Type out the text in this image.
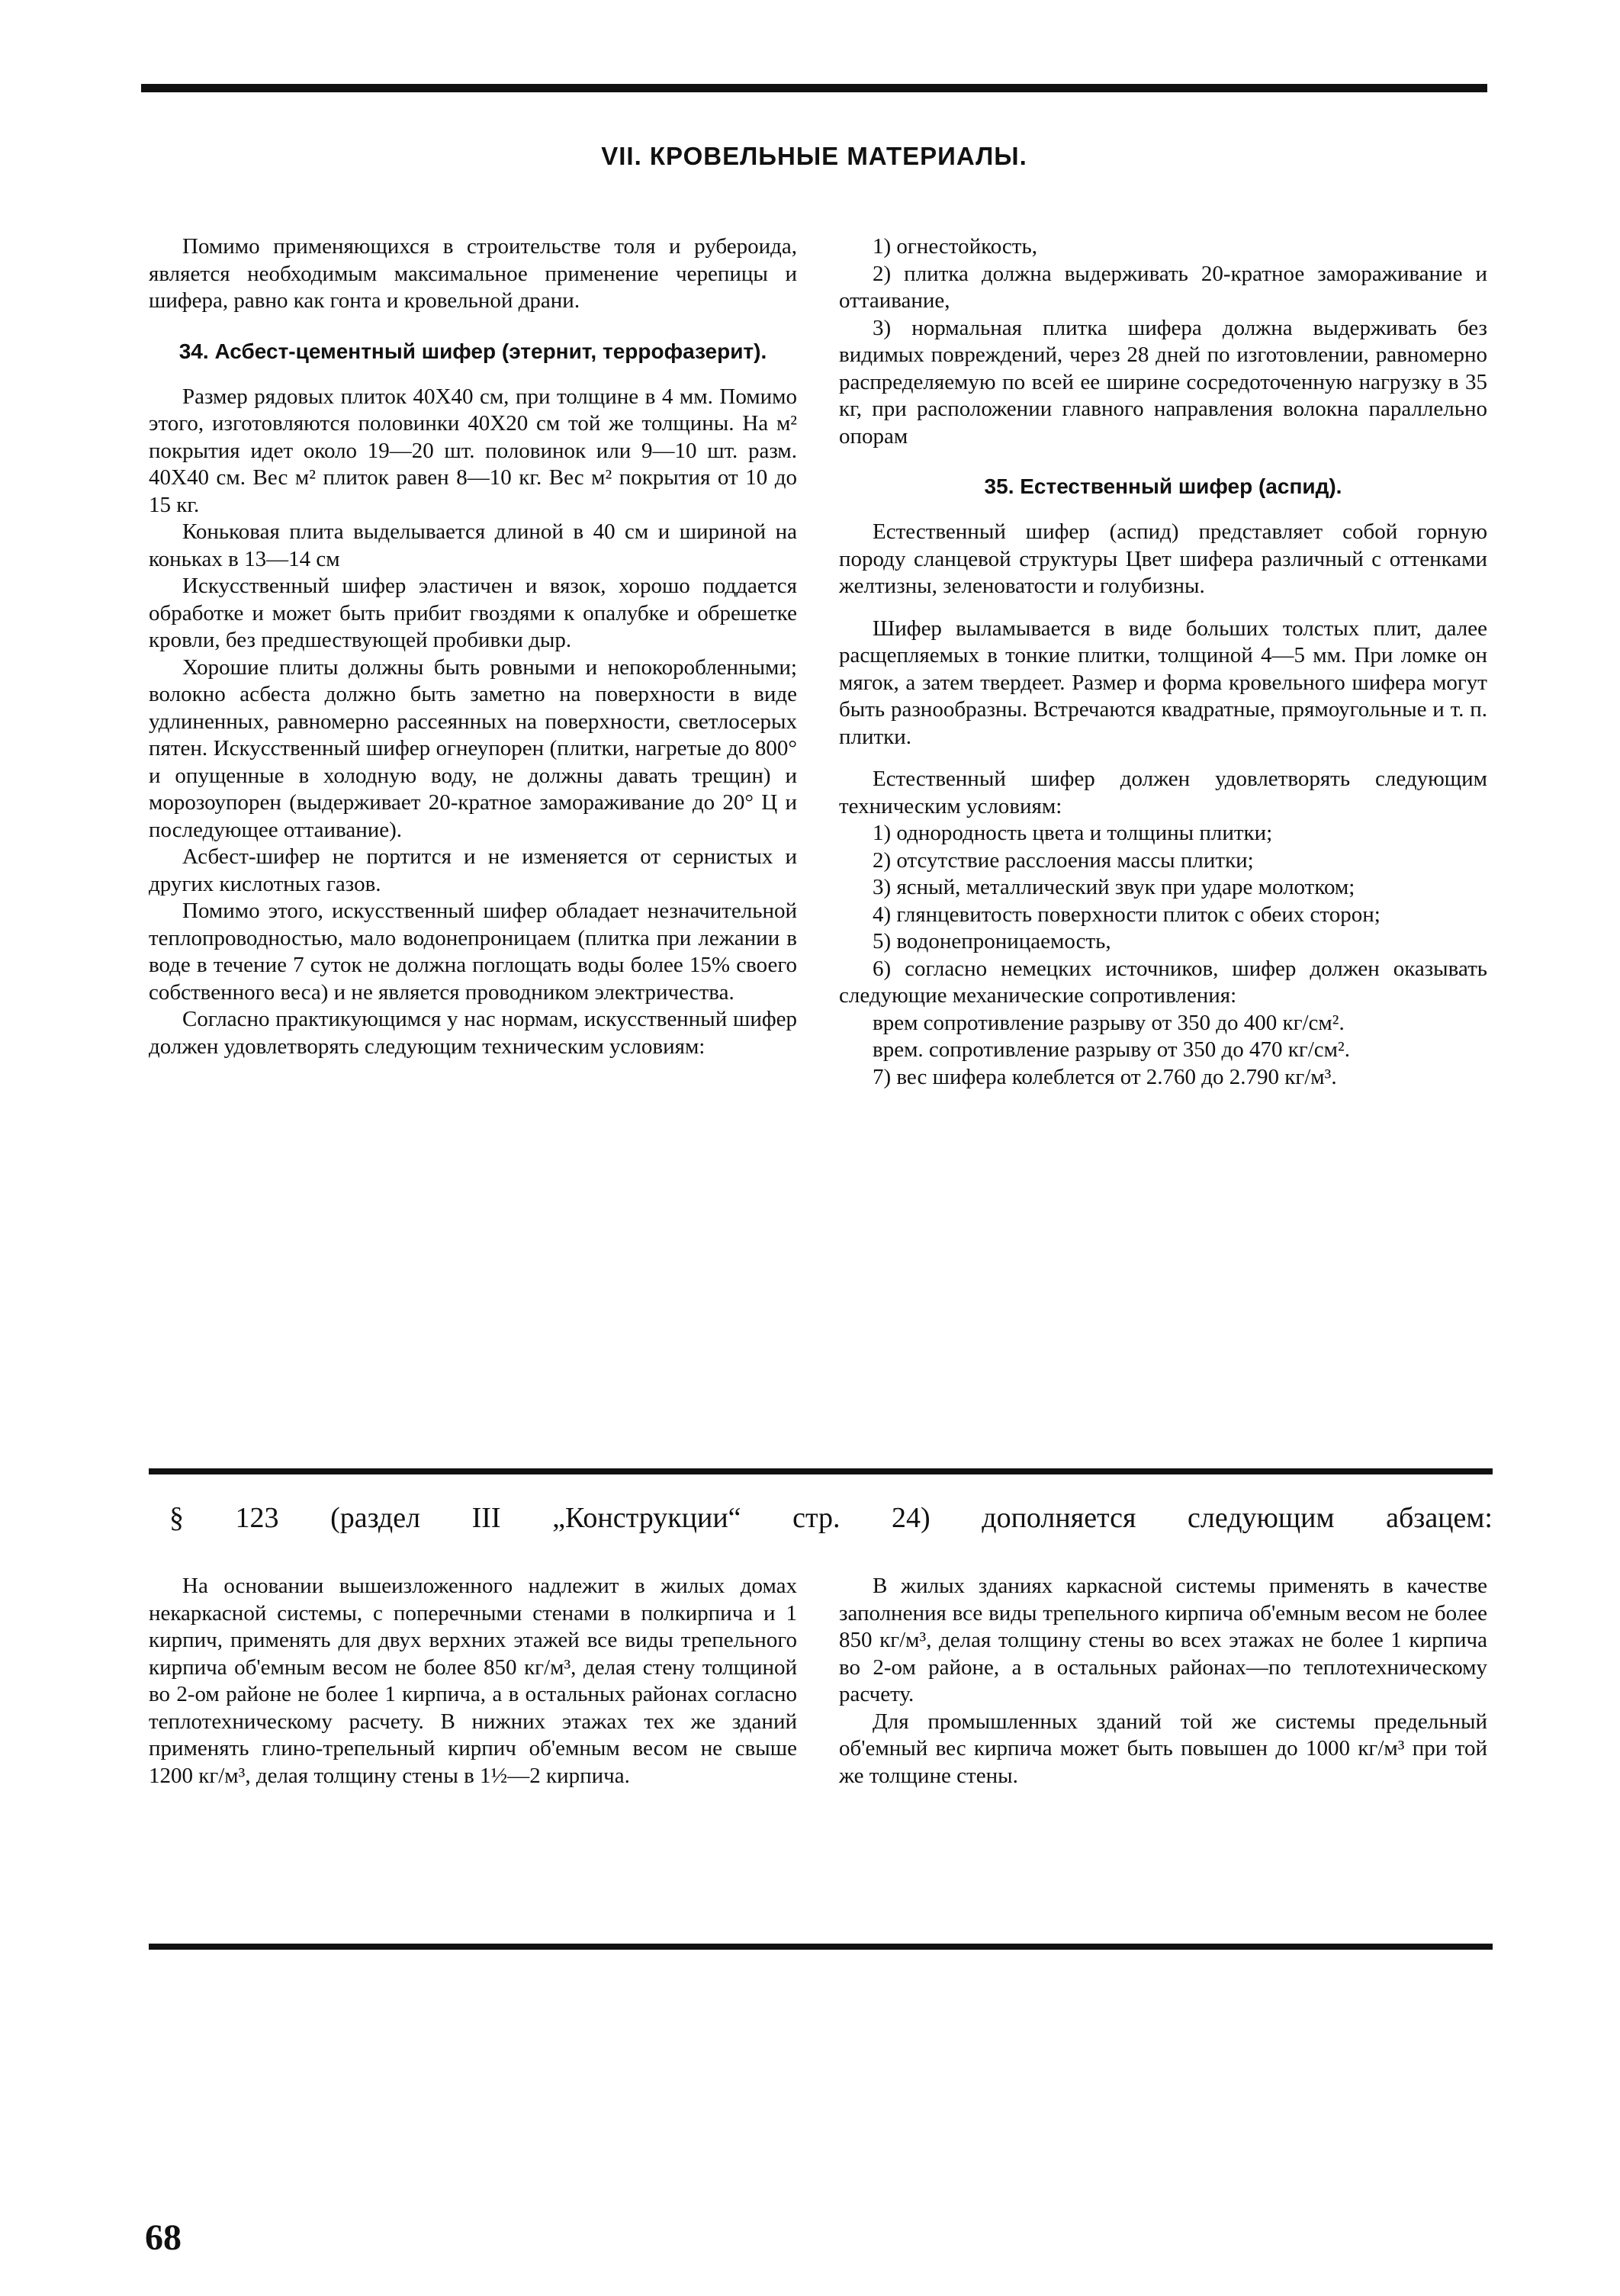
VII. КРОВЕЛЬНЫЕ МАТЕРИАЛЫ.

Помимо применяющихся в строительстве толя и рубероида, является необходимым максимальное применение черепицы и шифера, равно как гонта и кровельной драни.

34. Асбест-цементный шифер (этернит, террофазерит).

Размер рядовых плиток 40Х40 см, при толщине в 4 мм. Помимо этого, изготовляются половинки 40Х20 см той же толщины. На м² покрытия идет около 19—20 шт. половинок или 9—10 шт. разм. 40Х40 см. Вес м² плиток равен 8—10 кг. Вес м² покрытия от 10 до 15 кг.

Коньковая плита выделывается длиной в 40 см и шириной на коньках в 13—14 см

Искусственный шифер эластичен и вязок, хорошо поддается обработке и может быть прибит гвоздями к опалубке и обрешетке кровли, без предшествующей пробивки дыр.

Хорошие плиты должны быть ровными и непокоробленными; волокно асбеста должно быть заметно на поверхности в виде удлиненных, равномерно рассеянных на поверхности, светлосерых пятен. Искусственный шифер огнеупорен (плитки, нагретые до 800° и опущенные в холодную воду, не должны давать трещин) и морозоупорен (выдерживает 20-кратное замораживание до 20° Ц и последующее оттаивание).

Асбест-шифер не портится и не изменяется от сернистых и других кислотных газов.

Помимо этого, искусственный шифер обладает незначительной теплопроводностью, мало водонепроницаем (плитка при лежании в воде в течение 7 суток не должна поглощать воды более 15% своего собственного веса) и не является проводником электричества.

Согласно практикующимся у нас нормам, искусственный шифер должен удовлетворять следующим техническим условиям:

1) огнестойкость,

2) плитка должна выдерживать 20-кратное замораживание и оттаивание,

3) нормальная плитка шифера должна выдерживать без видимых повреждений, через 28 дней по изготовлении, равномерно распределяемую по всей ее ширине сосредоточенную нагрузку в 35 кг, при расположении главного направления волокна параллельно опорам

35. Естественный шифер (аспид).

Естественный шифер (аспид) представляет собой горную породу сланцевой структуры Цвет шифера различный с оттенками желтизны, зеленоватости и голубизны.

Шифер выламывается в виде больших толстых плит, далее расщепляемых в тонкие плитки, толщиной 4—5 мм. При ломке он мягок, а затем твердеет. Размер и форма кровельного шифера могут быть разнообразны. Встречаются квадратные, прямоугольные и т. п. плитки.

Естественный шифер должен удовлетворять следующим техническим условиям:

1) однородность цвета и толщины плитки;

2) отсутствие расслоения массы плитки;

3) ясный, металлический звук при ударе молотком;

4) глянцевитость поверхности плиток с обеих сторон;

5) водонепроницаемость,

6) согласно немецких источников, шифер должен оказывать следующие механические сопротивления:

врем сопротивление разрыву от 350 до 400 кг/см².

врем. сопротивление разрыву от 350 до 470 кг/см².

7) вес шифера колеблется от 2.760 до 2.790 кг/м³.

§ 123 (раздел III „Конструкции“ стр. 24) дополняется следующим абзацем:

На основании вышеизложенного надлежит в жилых домах некаркасной системы, с поперечными стенами в полкирпича и 1 кирпич, применять для двух верхних этажей все виды трепельного кирпича об'емным весом не более 850 кг/м³, делая стену толщиной во 2-ом районе не более 1 кирпича, а в остальных районах согласно теплотехническому расчету. В нижних этажах тех же зданий применять глино-трепельный кирпич об'емным весом не свыше 1200 кг/м³, делая толщину стены в 1½—2 кирпича.

В жилых зданиях каркасной системы применять в качестве заполнения все виды трепельного кирпича об'емным весом не более 850 кг/м³, делая толщину стены во всех этажах не более 1 кирпича во 2-ом районе, а в остальных районах—по теплотехническому расчету.

Для промышленных зданий той же системы предельный об'емный вес кирпича может быть повышен до 1000 кг/м³ при той же толщине стены.

68
